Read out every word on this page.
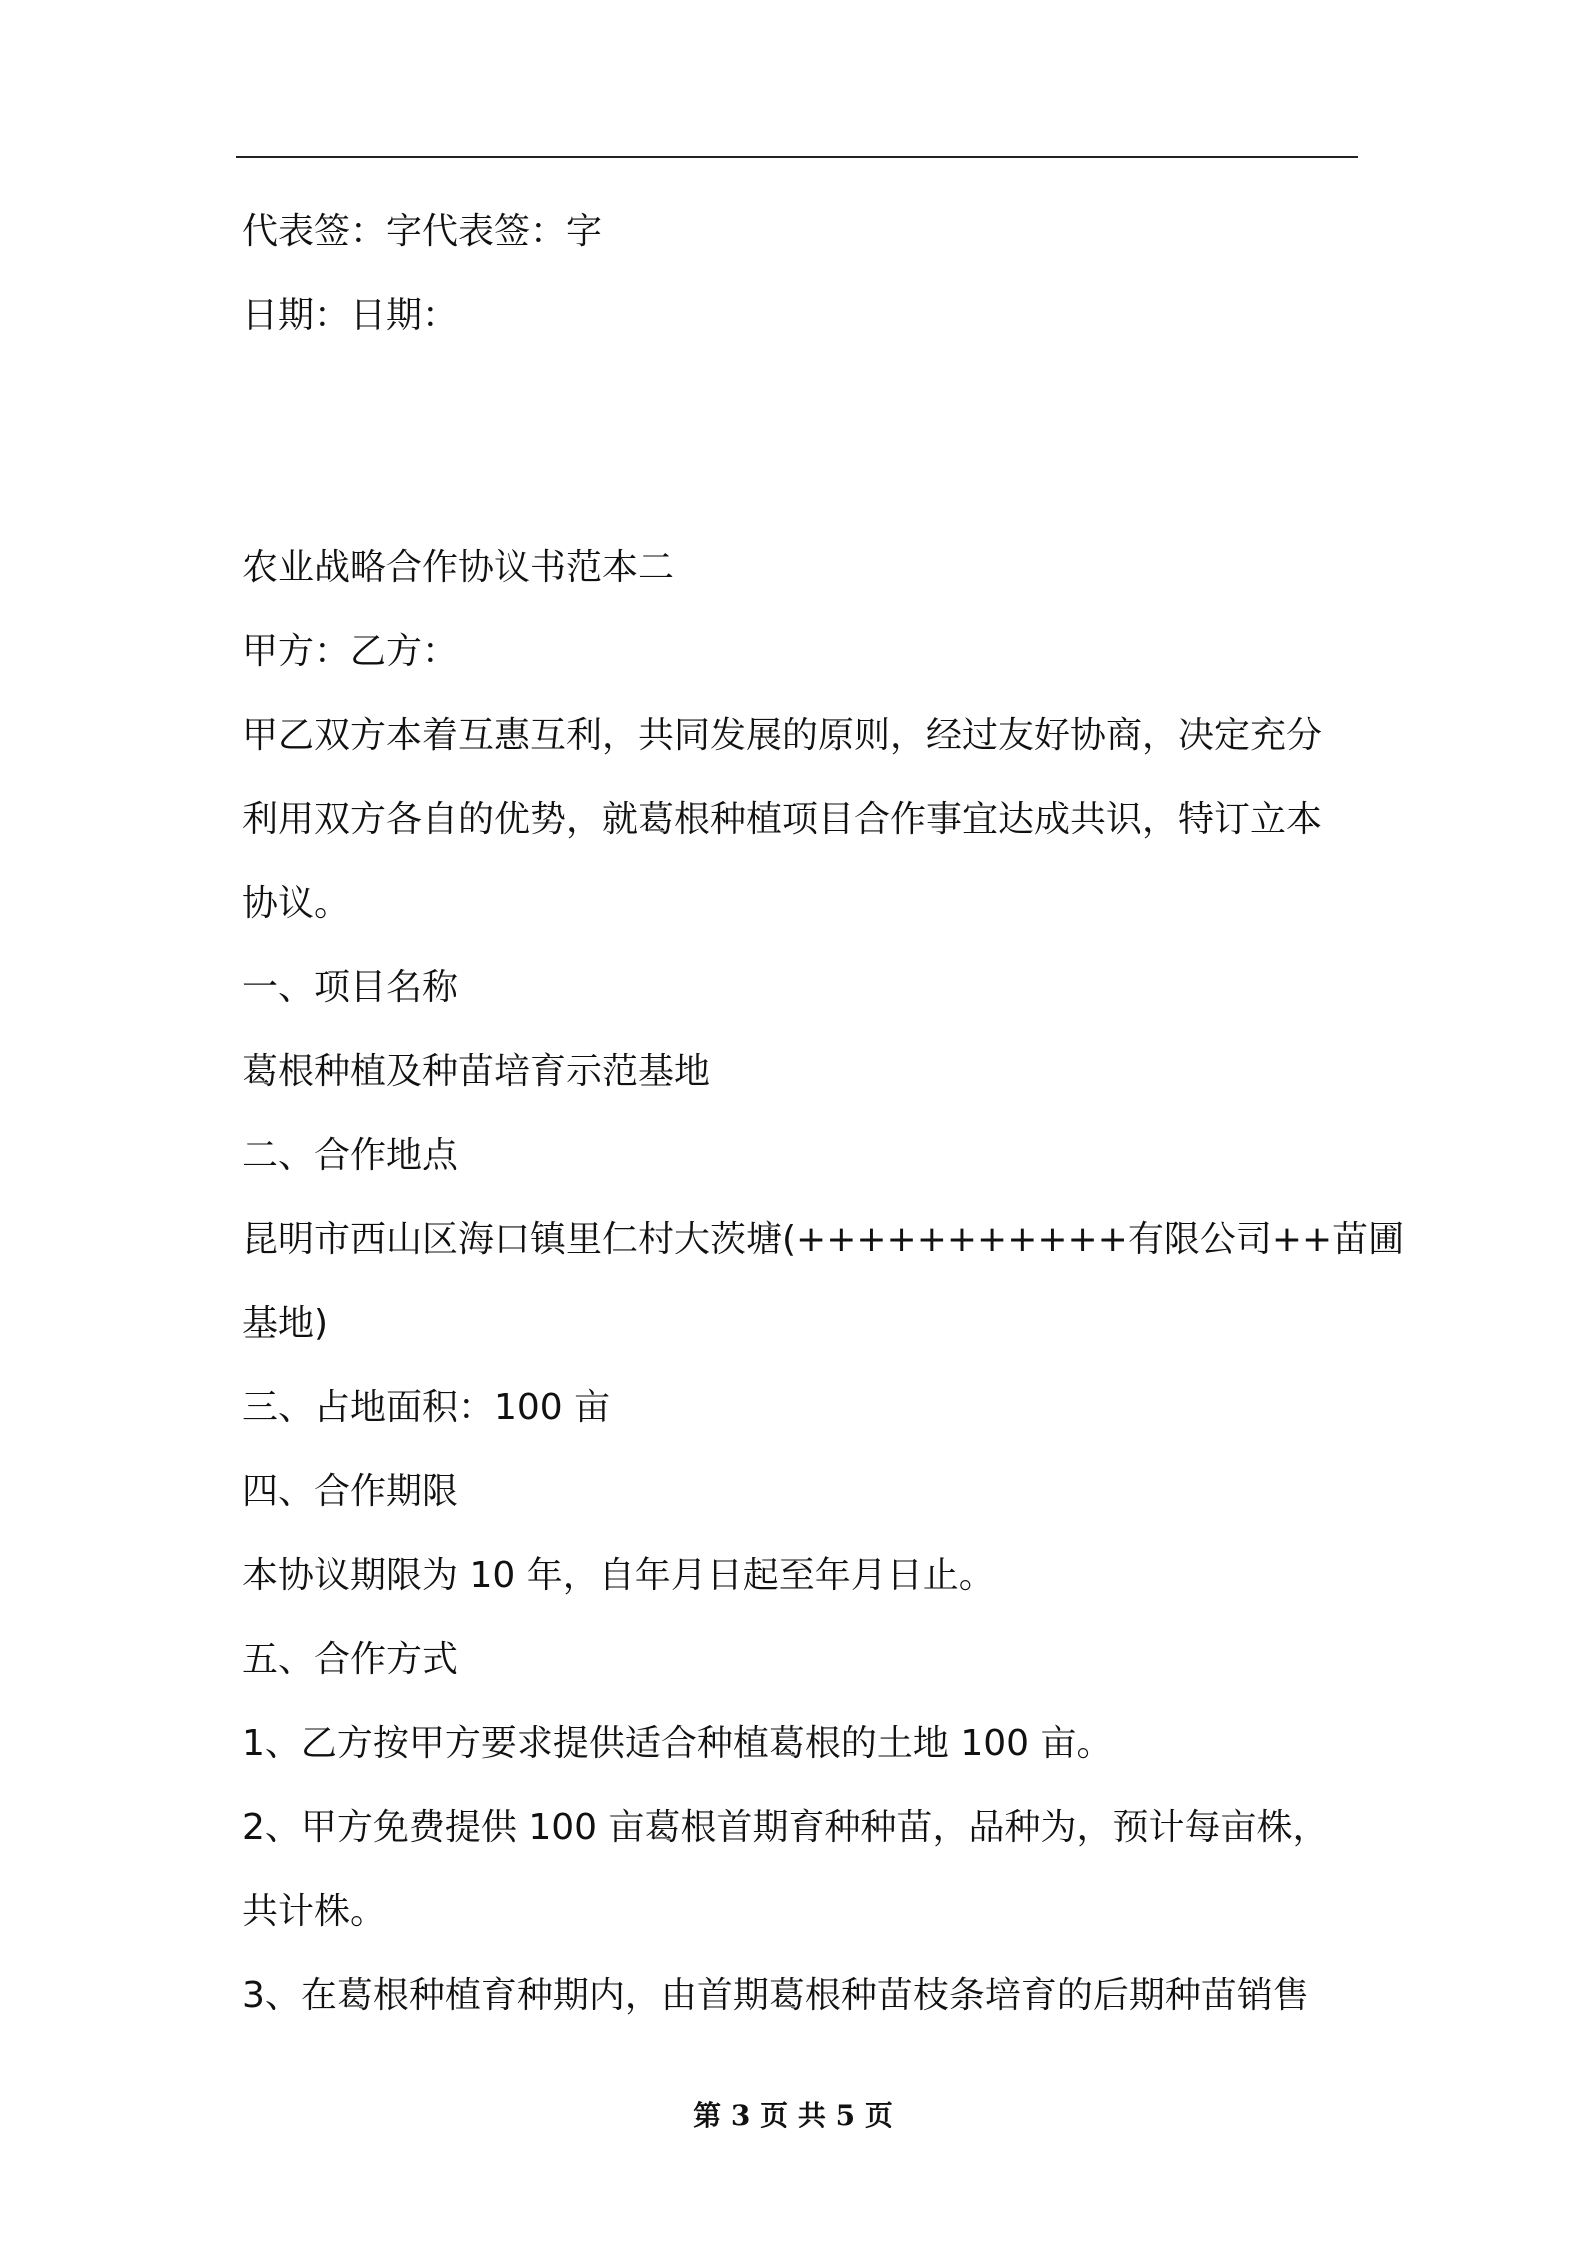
代表签：字代表签：字

日期：日期：

农业战略合作协议书范本二

甲方：乙方：

甲乙双方本着互惠互利，共同发展的原则，经过友好协商，决定充分

利用双方各自的优势，就葛根种植项目合作事宜达成共识，特订立本

协议。

一、项目名称

葛根种植及种苗培育示范基地

二、合作地点

昆明市西山区海口镇里仁村大茨塘(+++++++++++有限公司++苗圃

基地)

三、占地面积：100 亩

四、合作期限

本协议期限为 10 年，自年月日起至年月日止。

五、合作方式

1、乙方按甲方要求提供适合种植葛根的土地 100 亩。

2、甲方免费提供 100 亩葛根首期育种种苗，品种为，预计每亩株，

共计株。

3、在葛根种植育种期内，由首期葛根种苗枝条培育的后期种苗销售

第 3 页 共 5 页
